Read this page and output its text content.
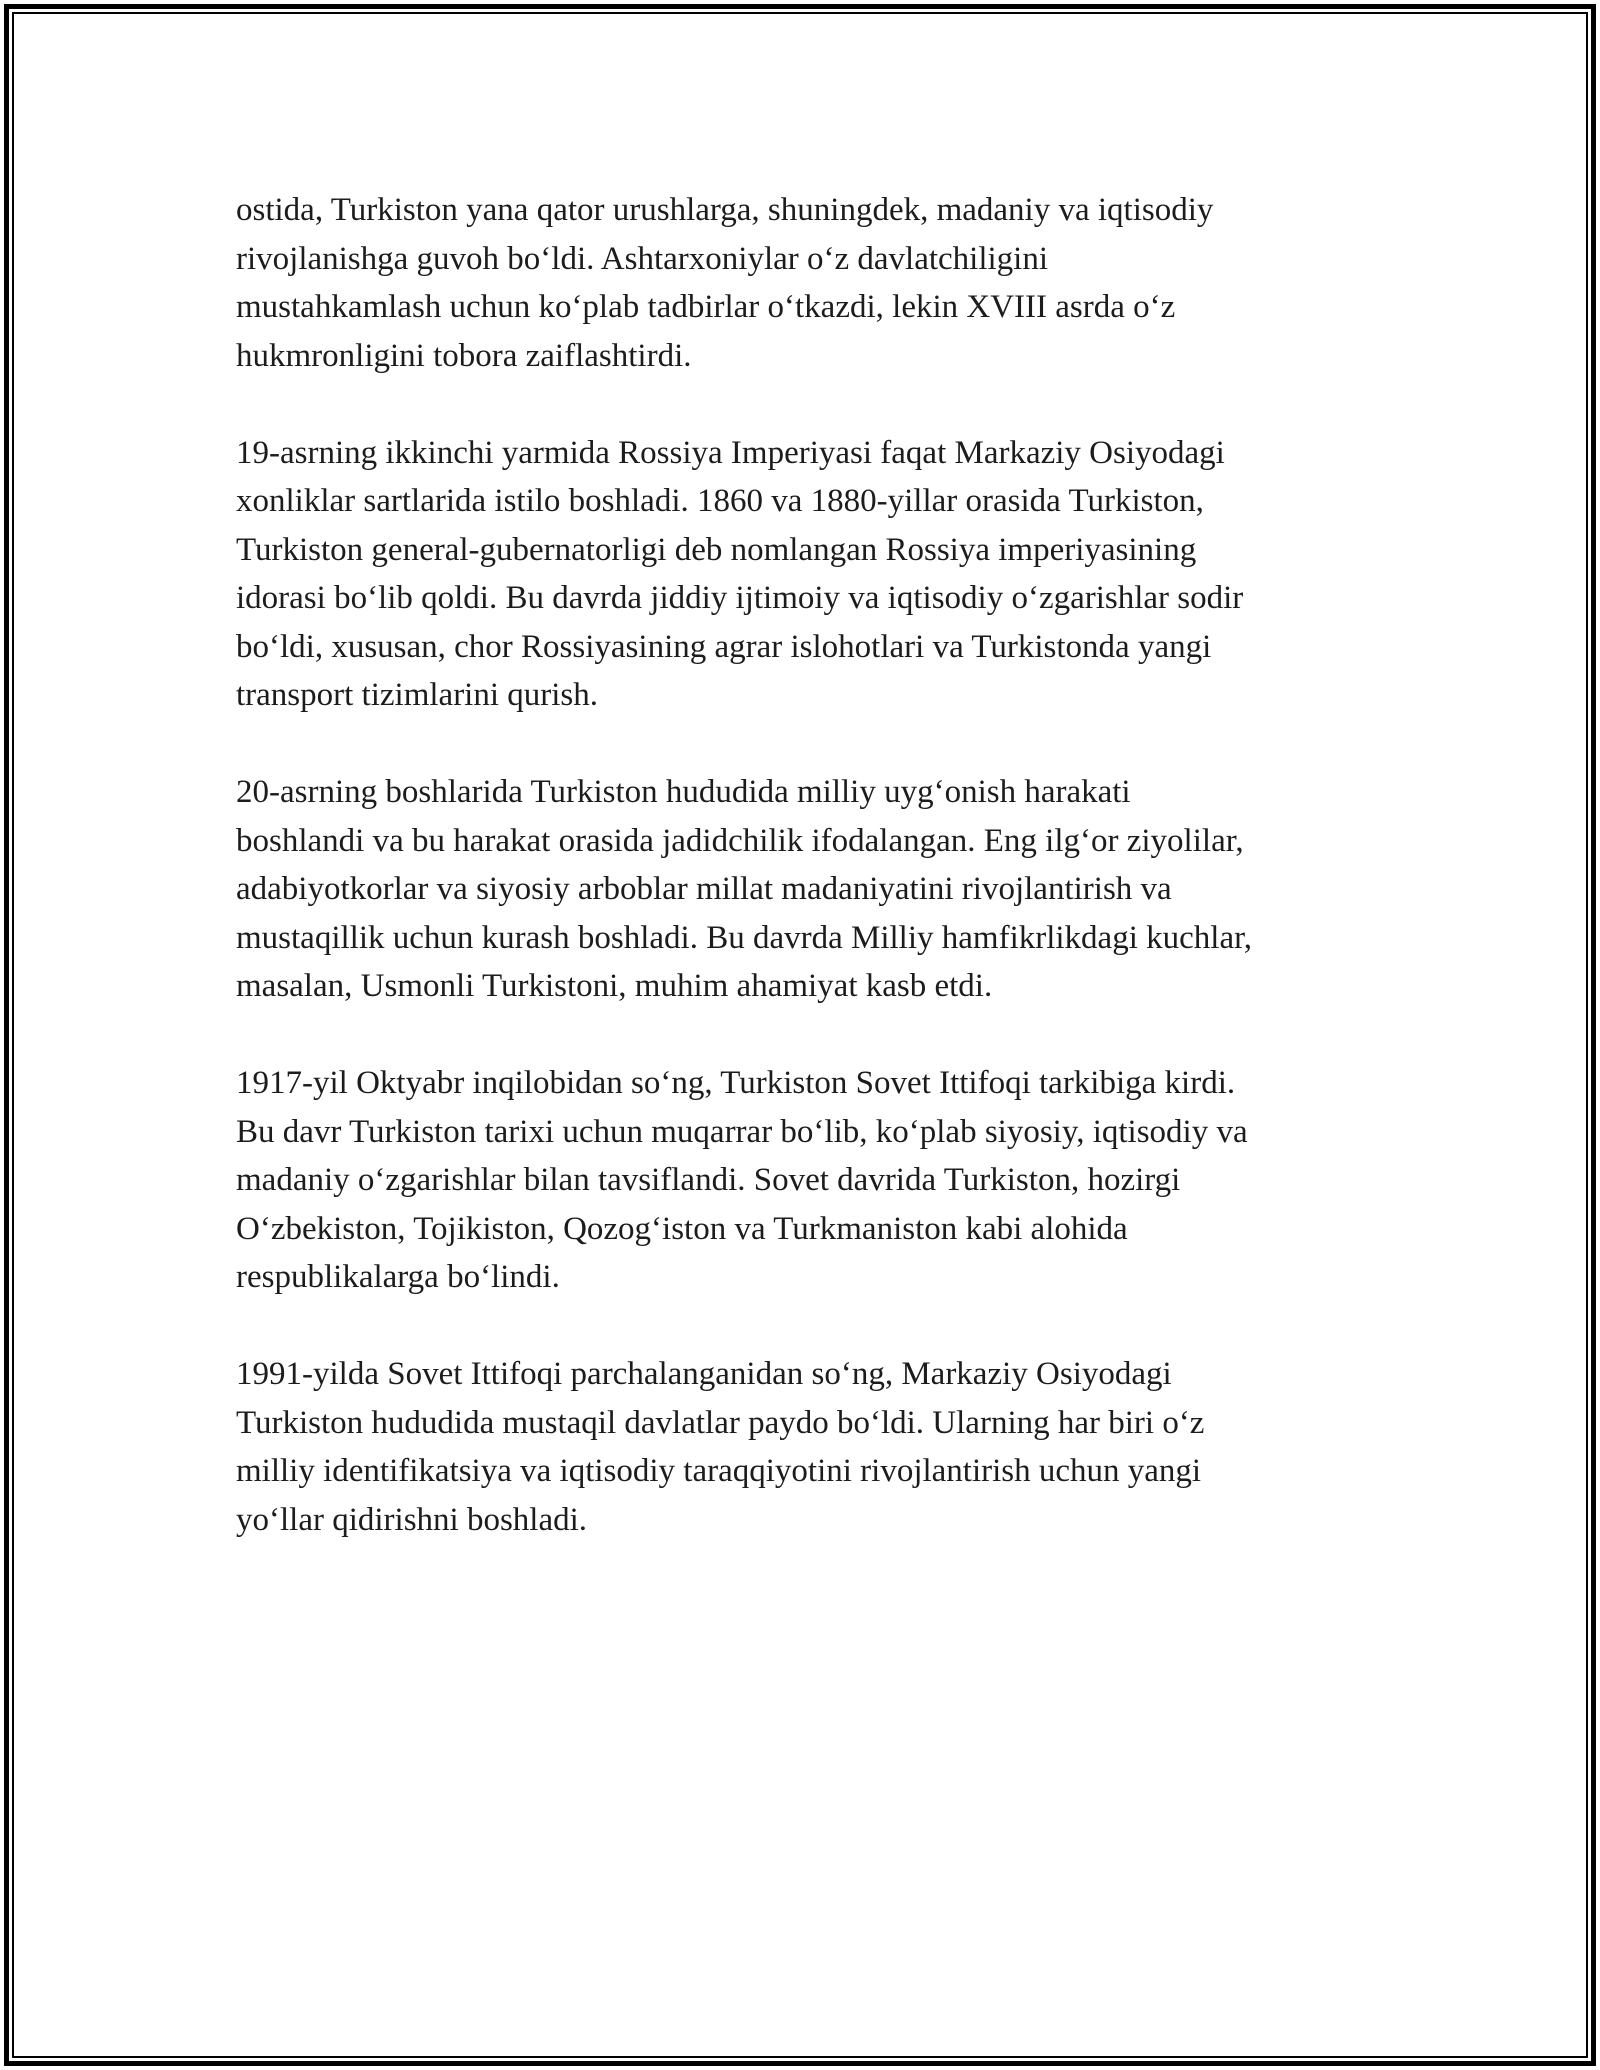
ostida, Turkiston yana qator urushlarga, shuningdek, madaniy va iqtisodiy
rivojlanishga guvoh bo‘ldi. Ashtarxoniylar o‘z davlatchiligini
mustahkamlash uchun ko‘plab tadbirlar o‘tkazdi, lekin XVIII asrda o‘z
hukmronligini tobora zaiflashtirdi.

19-asrning ikkinchi yarmida Rossiya Imperiyasi faqat Markaziy Osiyodagi
xonliklar sartlarida istilo boshladi. 1860 va 1880-yillar orasida Turkiston,
Turkiston general-gubernatorligi deb nomlangan Rossiya imperiyasining
idorasi bo‘lib qoldi. Bu davrda jiddiy ijtimoiy va iqtisodiy o‘zgarishlar sodir
bo‘ldi, xususan, chor Rossiyasining agrar islohotlari va Turkistonda yangi
transport tizimlarini qurish.

20-asrning boshlarida Turkiston hududida milliy uyg‘onish harakati
boshlandi va bu harakat orasida jadidchilik ifodalangan. Eng ilg‘or ziyolilar,
adabiyotkorlar va siyosiy arboblar millat madaniyatini rivojlantirish va
mustaqillik uchun kurash boshladi. Bu davrda Milliy hamfikrlikdagi kuchlar,
masalan, Usmonli Turkistoni, muhim ahamiyat kasb etdi.

1917-yil Oktyabr inqilobidan so‘ng, Turkiston Sovet Ittifoqi tarkibiga kirdi.
Bu davr Turkiston tarixi uchun muqarrar bo‘lib, ko‘plab siyosiy, iqtisodiy va
madaniy o‘zgarishlar bilan tavsiflandi. Sovet davrida Turkiston, hozirgi
O‘zbekiston, Tojikiston, Qozog‘iston va Turkmaniston kabi alohida
respublikalarga bo‘lindi.

1991-yilda Sovet Ittifoqi parchalanganidan so‘ng, Markaziy Osiyodagi
Turkiston hududida mustaqil davlatlar paydo bo‘ldi. Ularning har biri o‘z
milliy identifikatsiya va iqtisodiy taraqqiyotini rivojlantirish uchun yangi
yo‘llar qidirishni boshladi.
